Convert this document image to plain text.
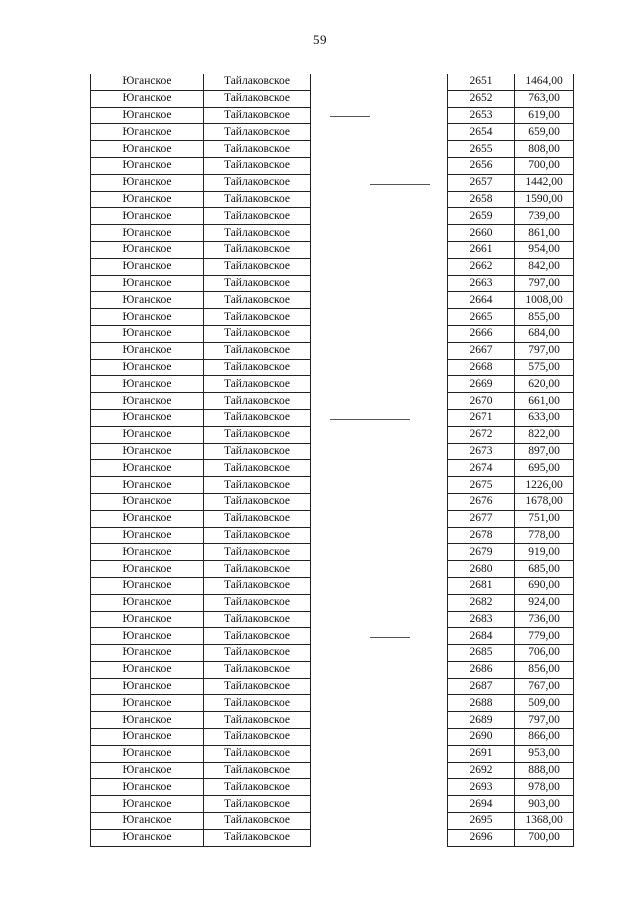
59
Юганское	Тайлаковское		2651	1464,00
Юганское	Тайлаковское		2652	763,00
Юганское	Тайлаковское		2653	619,00
Юганское	Тайлаковское		2654	659,00
Юганское	Тайлаковское		2655	808,00
Юганское	Тайлаковское		2656	700,00
Юганское	Тайлаковское		2657	1442,00
Юганское	Тайлаковское		2658	1590,00
Юганское	Тайлаковское		2659	739,00
Юганское	Тайлаковское		2660	861,00
Юганское	Тайлаковское		2661	954,00
Юганское	Тайлаковское		2662	842,00
Юганское	Тайлаковское		2663	797,00
Юганское	Тайлаковское		2664	1008,00
Юганское	Тайлаковское		2665	855,00
Юганское	Тайлаковское		2666	684,00
Юганское	Тайлаковское		2667	797,00
Юганское	Тайлаковское		2668	575,00
Юганское	Тайлаковское		2669	620,00
Юганское	Тайлаковское		2670	661,00
Юганское	Тайлаковское		2671	633,00
Юганское	Тайлаковское		2672	822,00
Юганское	Тайлаковское		2673	897,00
Юганское	Тайлаковское		2674	695,00
Юганское	Тайлаковское		2675	1226,00
Юганское	Тайлаковское		2676	1678,00
Юганское	Тайлаковское		2677	751,00
Юганское	Тайлаковское		2678	778,00
Юганское	Тайлаковское		2679	919,00
Юганское	Тайлаковское		2680	685,00
Юганское	Тайлаковское		2681	690,00
Юганское	Тайлаковское		2682	924,00
Юганское	Тайлаковское		2683	736,00
Юганское	Тайлаковское		2684	779,00
Юганское	Тайлаковское		2685	706,00
Юганское	Тайлаковское		2686	856,00
Юганское	Тайлаковское		2687	767,00
Юганское	Тайлаковское		2688	509,00
Юганское	Тайлаковское		2689	797,00
Юганское	Тайлаковское		2690	866,00
Юганское	Тайлаковское		2691	953,00
Юганское	Тайлаковское		2692	888,00
Юганское	Тайлаковское		2693	978,00
Юганское	Тайлаковское		2694	903,00
Юганское	Тайлаковское		2695	1368,00
Юганское	Тайлаковское		2696	700,00
